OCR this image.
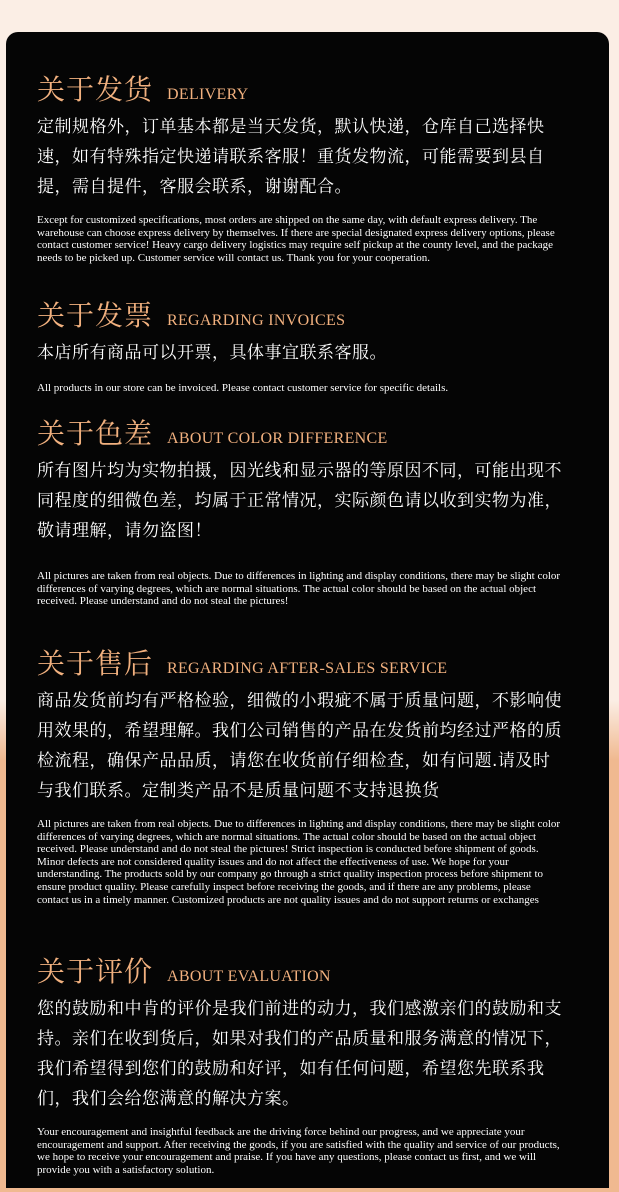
关于发货 DELIVERY

定制规格外，订单基本都是当天发货，默认快递，仓库自己选择快速，如有特殊指定快递请联系客服！重货发物流，可能需要到县自提，需自提件，客服会联系，谢谢配合。

Except for customized specifications, most orders are shipped on the same day, with default express delivery. The warehouse can choose express delivery by themselves. If there are special designated express delivery options, please contact customer service! Heavy cargo delivery logistics may require self pickup at the county level, and the package needs to be picked up. Customer service will contact us. Thank you for your cooperation.

关于发票 REGARDING INVOICES

本店所有商品可以开票，具体事宜联系客服。

All products in our store can be invoiced. Please contact customer service for specific details.

关于色差 ABOUT COLOR DIFFERENCE

所有图片均为实物拍摄，因光线和显示器的等原因不同，可能出现不同程度的细微色差，均属于正常情况，实际颜色请以收到实物为准，敬请理解，请勿盗图！

All pictures are taken from real objects. Due to differences in lighting and display conditions, there may be slight color differences of varying degrees, which are normal situations. The actual color should be based on the actual object received. Please understand and do not steal the pictures!

关于售后 REGARDING AFTER-SALES SERVICE

商品发货前均有严格检验，细微的小瑕疵不属于质量问题，不影响使用效果的，希望理解。我们公司销售的产品在发货前均经过严格的质检流程，确保产品品质，请您在收货前仔细检查，如有问题.请及时与我们联系。定制类产品不是质量问题不支持退换货

All pictures are taken from real objects. Due to differences in lighting and display conditions, there may be slight color differences of varying degrees, which are normal situations. The actual color should be based on the actual object received. Please understand and do not steal the pictures! Strict inspection is conducted before shipment of goods. Minor defects are not considered quality issues and do not affect the effectiveness of use. We hope for your understanding. The products sold by our company go through a strict quality inspection process before shipment to ensure product quality. Please carefully inspect before receiving the goods, and if there are any problems, please contact us in a timely manner. Customized products are not quality issues and do not support returns or exchanges

关于评价 ABOUT EVALUATION

您的鼓励和中肯的评价是我们前进的动力，我们感激亲们的鼓励和支持。亲们在收到货后，如果对我们的产品质量和服务满意的情况下，我们希望得到您们的鼓励和好评，如有任何问题，希望您先联系我们，我们会给您满意的解决方案。

Your encouragement and insightful feedback are the driving force behind our progress, and we appreciate your encouragement and support. After receiving the goods, if you are satisfied with the quality and service of our products, we hope to receive your encouragement and praise. If you have any questions, please contact us first, and we will provide you with a satisfactory solution.
